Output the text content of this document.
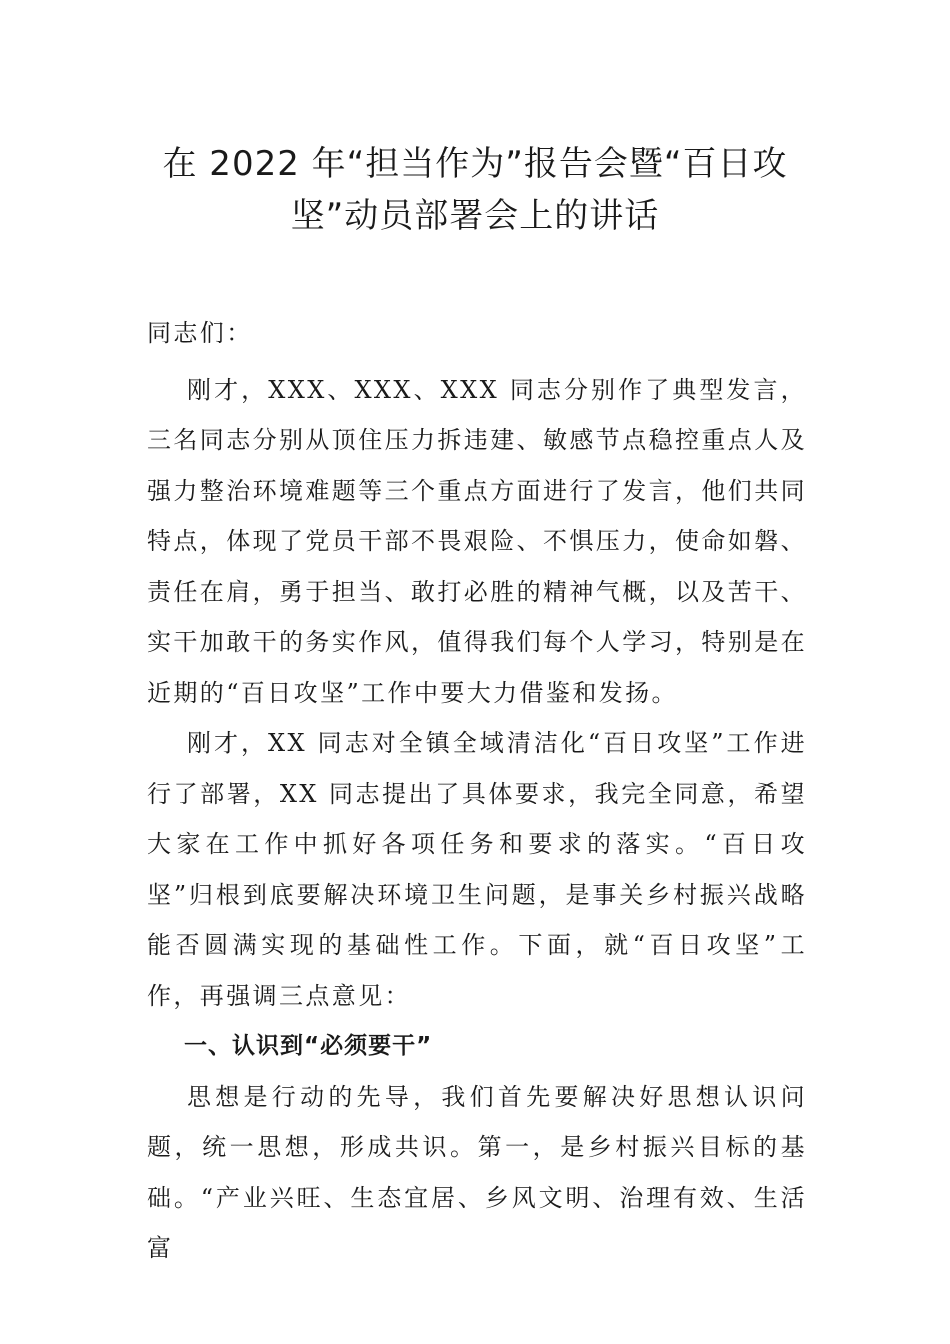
在 2022 年“担当作为”报告会暨“百日攻坚”动员部署会上的讲话

同志们：

刚才，XXX、XXX、XXX 同志分别作了典型发言，三名同志分别从顶住压力拆违建、敏感节点稳控重点人及强力整治环境难题等三个重点方面进行了发言，他们共同特点，体现了党员干部不畏艰险、不惧压力，使命如磐、责任在肩，勇于担当、敢打必胜的精神气概，以及苦干、实干加敢干的务实作风，值得我们每个人学习，特别是在近期的“百日攻坚”工作中要大力借鉴和发扬。

刚才，XX 同志对全镇全域清洁化“百日攻坚”工作进行了部署，XX 同志提出了具体要求，我完全同意，希望大家在工作中抓好各项任务和要求的落实。“百日攻坚”归根到底要解决环境卫生问题，是事关乡村振兴战略能否圆满实现的基础性工作。下面，就“百日攻坚”工作，再强调三点意见：

一、认识到“必须要干”

思想是行动的先导，我们首先要解决好思想认识问题，统一思想，形成共识。第一，是乡村振兴目标的基础。“产业兴旺、生态宜居、乡风文明、治理有效、生活富
